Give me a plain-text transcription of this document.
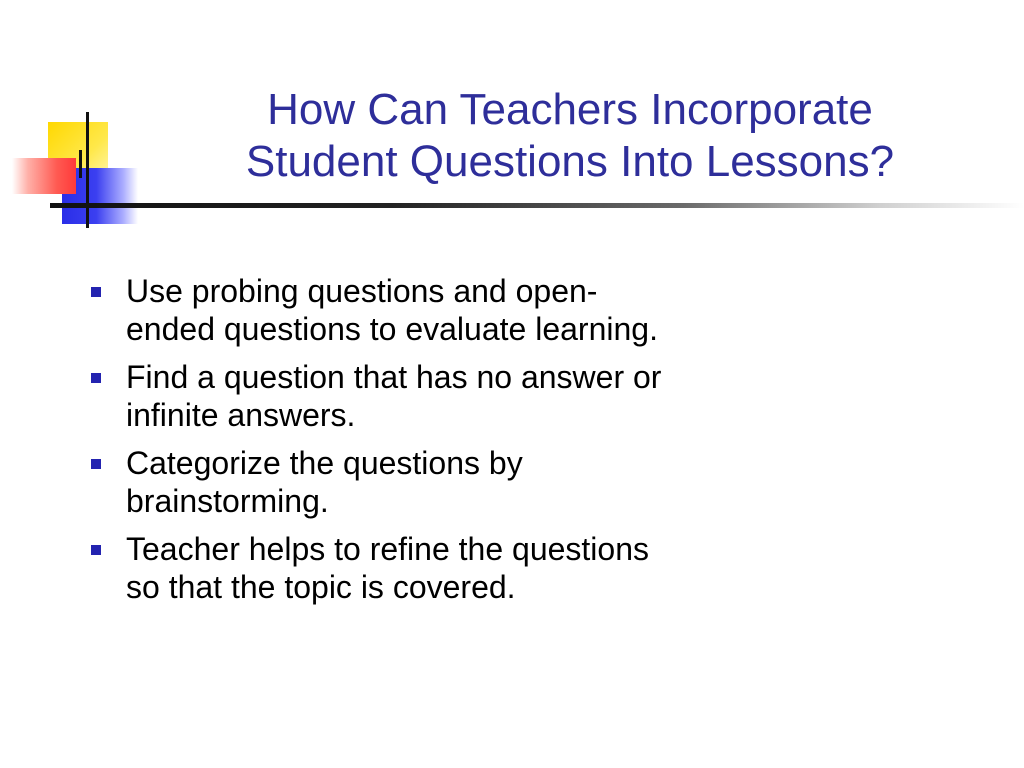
How Can Teachers Incorporate
Student Questions Into Lessons?
Use probing questions and open-
ended questions to evaluate learning.
Find a question that has no answer or
infinite answers.
Categorize the questions by
brainstorming.
Teacher helps to refine the questions
so that the topic is covered.
